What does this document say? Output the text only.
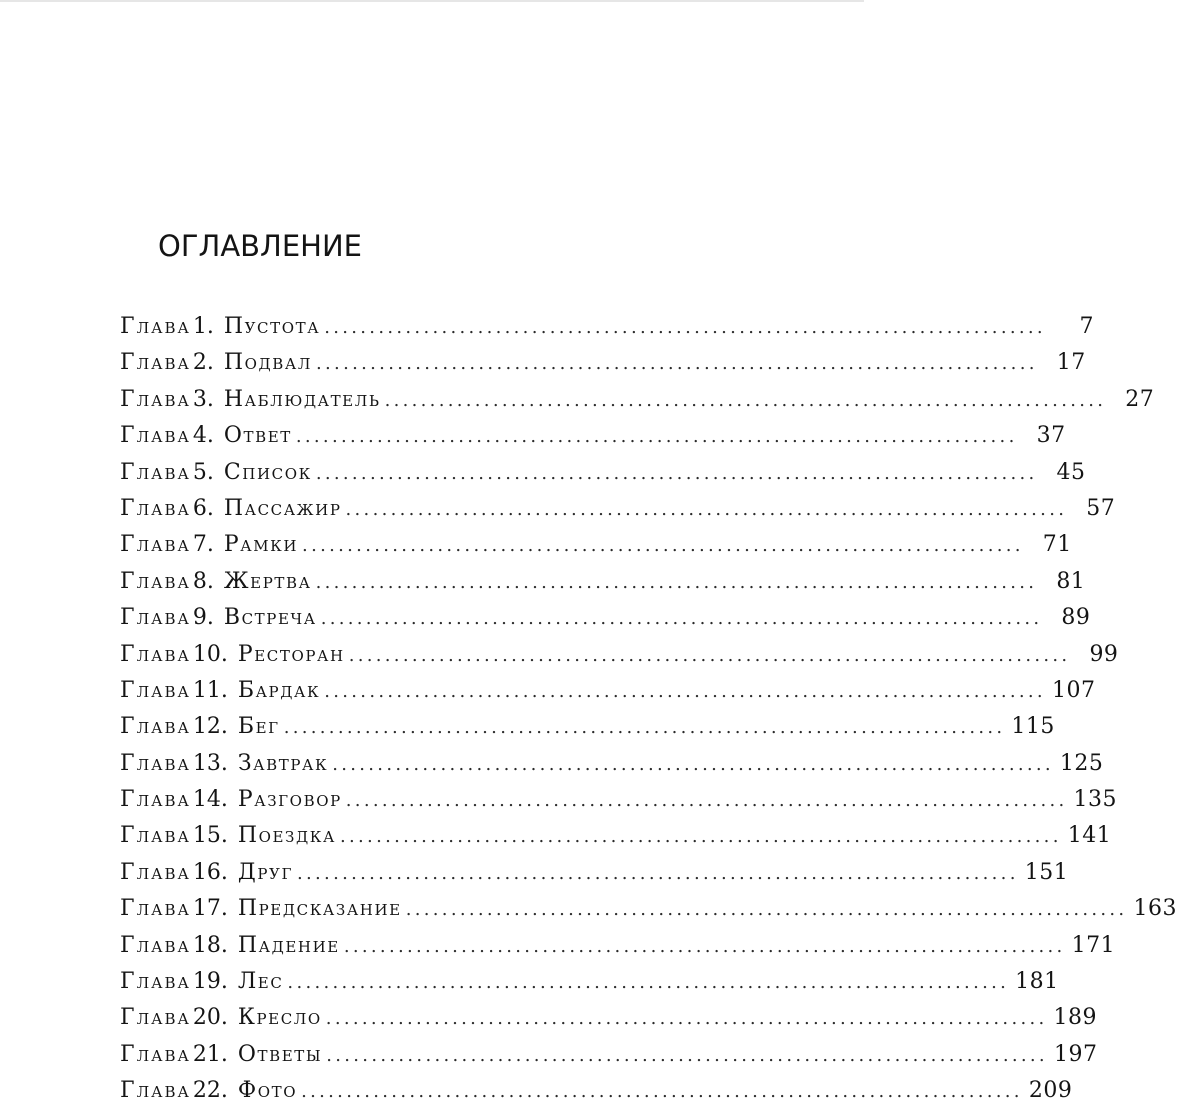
ОГЛАВЛЕНИЕ
Глава 1. Пустота ................................................................................	7
Глава 2. Подвал ................................................................................ 17
Глава 3. Наблюдатель ................................................................................ 27
Глава 4. Ответ ................................................................................ 37
Глава 5. Список ................................................................................ 45
Глава 6. Пассажир ................................................................................ 57
Глава 7. Рамки ................................................................................ 71
Глава 8. Жертва ................................................................................ 81
Глава 9. Встреча ................................................................................ 89
Глава 10. Ресторан ................................................................................ 99
Глава 11. Бардак ................................................................................ 107
Глава 12. Бег ................................................................................ 115
Глава 13. Завтрак ................................................................................ 125
Глава 14. Разговор ................................................................................ 135
Глава 15. Поездка ................................................................................ 141
Глава 16. Друг ................................................................................ 151
Глава 17. Предсказание ................................................................................ 163
Глава 18. Падение ................................................................................ 171
Глава 19. Лес ................................................................................ 181
Глава 20. Кресло ................................................................................ 189
Глава 21. Ответы ................................................................................ 197
Глава 22. Фото ................................................................................ 209
